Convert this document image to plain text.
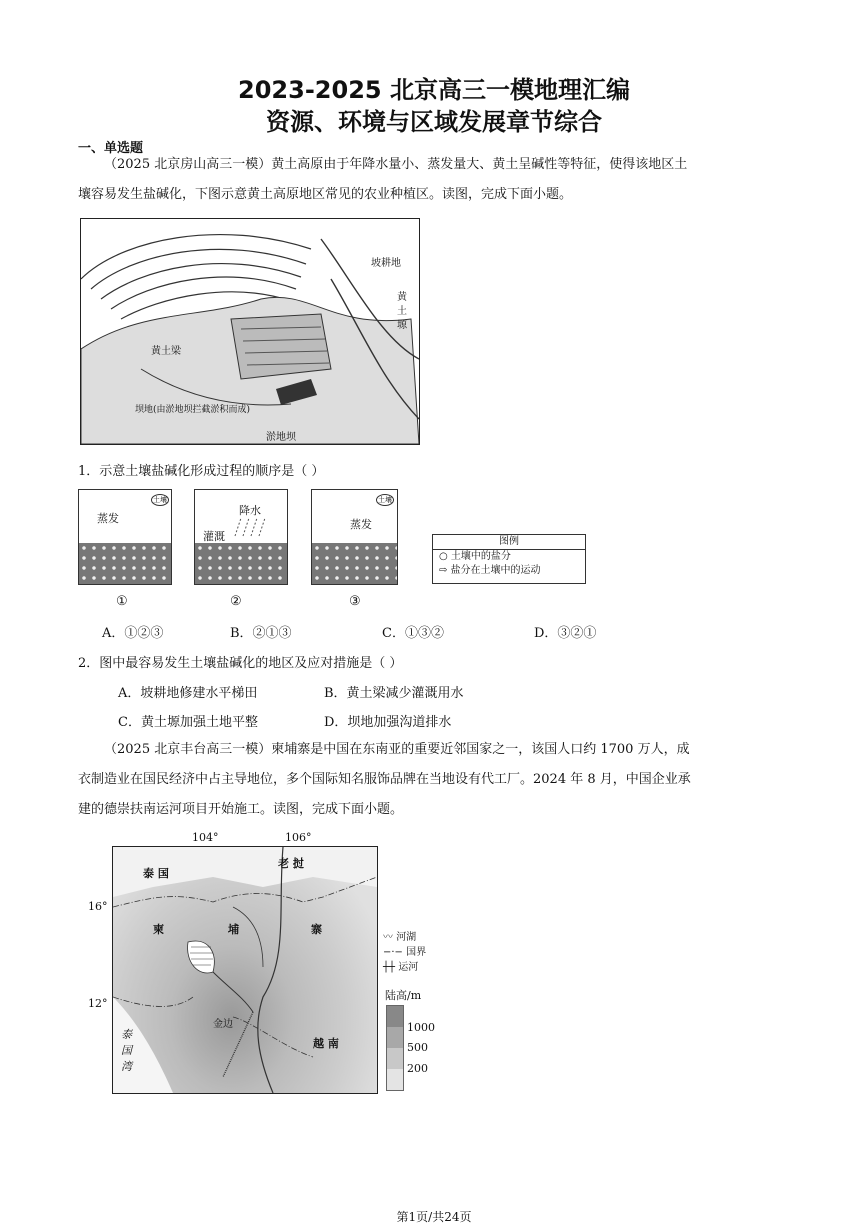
2023-2025 北京高三一模地理汇编
资源、环境与区域发展章节综合
一、单选题
（2025 北京房山高三一模）黄土高原由于年降水量小、蒸发量大、黄土呈碱性等特征，使得该地区土
壤容易发生盐碱化，下图示意黄土高原地区常见的农业种植区。读图，完成下面小题。
坡耕地
黄土塬
黄土梁
坝地(由淤地坝拦截淤积而成)
淤地坝
1．示意土壤盐碱化形成过程的顺序是（ ）
蒸发
土壤
降水
灌溉
蒸发
土壤
图例
○ 土壤中的盐分
⇨ 盐分在土壤中的运动
①	②	③
A．①②③	B．②①③	C．①③②	D．③②①
2．图中最容易发生土壤盐碱化的地区及应对措施是（ ）
A．坡耕地修建水平梯田	B．黄土梁减少灌溉用水
C．黄土塬加强土地平整	D．坝地加强沟道排水
（2025 北京丰台高三一模）柬埔寨是中国在东南亚的重要近邻国家之一，该国人口约 1700 万人，成
衣制造业在国民经济中占主导地位，多个国际知名服饰品牌在当地设有代工厂。2024 年 8 月，中国企业承
建的德崇扶南运河项目开始施工。读图，完成下面小题。
104°	106°
16°
12°
泰 国
老 挝
柬	埔	寨
越 南
泰国湾
金边
〰 河湖
−·− 国界
┼┼ 运河
陆高/m
1000
500
200
第1页/共24页
